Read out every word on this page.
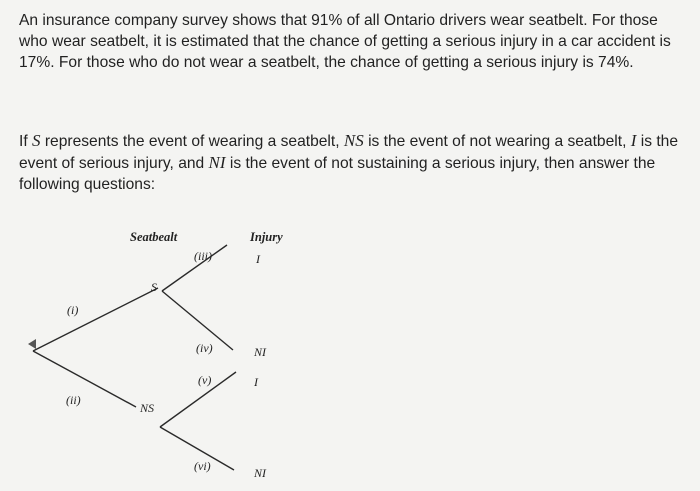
An insurance company survey shows that 91% of all Ontario drivers wear seatbelt. For those who wear seatbelt, it is estimated that the chance of getting a serious injury in a car accident is 17%. For those who do not wear a seatbelt, the chance of getting a serious injury is 74%.

If S represents the event of wearing a seatbelt, NS is the event of not wearing a seatbelt, I is the event of serious injury, and NI is the event of not sustaining a serious injury, then answer the following questions:

Seatbealt	Injury
S
NS
(i)
(ii)
(iii)
(iv)
(v)
(vi)
I
NI
I
NI
